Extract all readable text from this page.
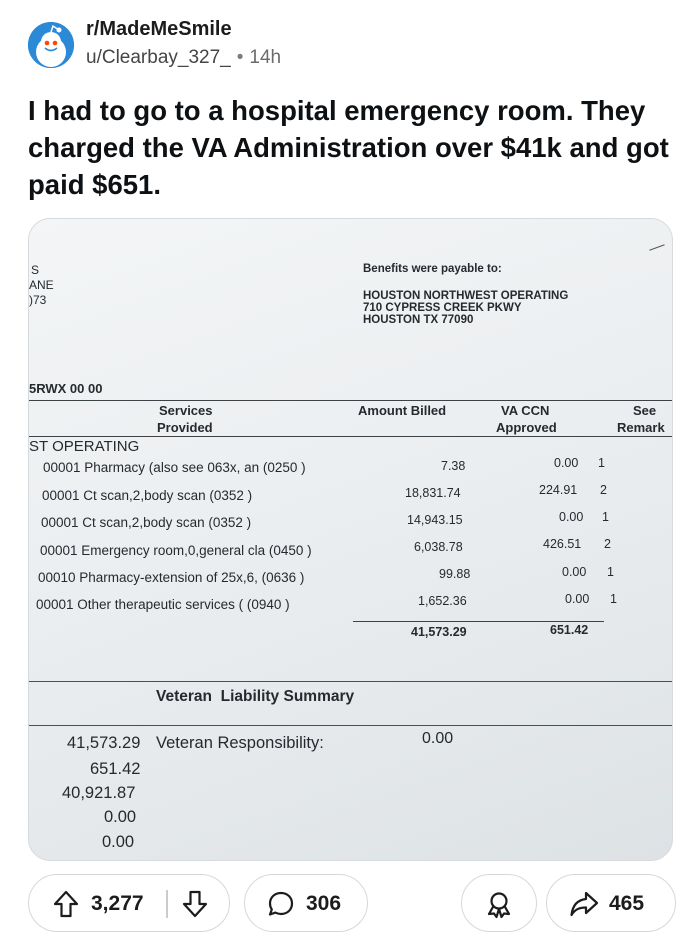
r/MadeMeSmile
u/Clearbay_327_ • 14h
I had to go to a hospital emergency room. They charged the VA Administration over $41k and got paid $651.
S
ANE
)73
Benefits were payable to:
HOUSTON NORTHWEST OPERATING
710 CYPRESS CREEK PKWY
HOUSTON TX 77090
5RWX 00 00
Services
Provided
Amount Billed	VA CCN
Approved
See
Remark
ST OPERATING
00001 Pharmacy (also see 063x, an (0250 )	7.38	0.00 1
00001 Ct scan,2,body scan (0352 )	18,831.74	224.91 2
00001 Ct scan,2,body scan (0352 )	14,943.15	0.00 1
00001 Emergency room,0,general cla (0450 )	6,038.78	426.51 2
00010 Pharmacy-extension of 25x,6, (0636 )	99.88	0.00 1
00001 Other therapeutic services ( (0940 )	1,652.36	0.00 1
41,573.29	651.42
Veteran  Liability Summary
41,573.29 Veteran Responsibility:	0.00
651.42
40,921.87
0.00
0.00
3,277	306	465
